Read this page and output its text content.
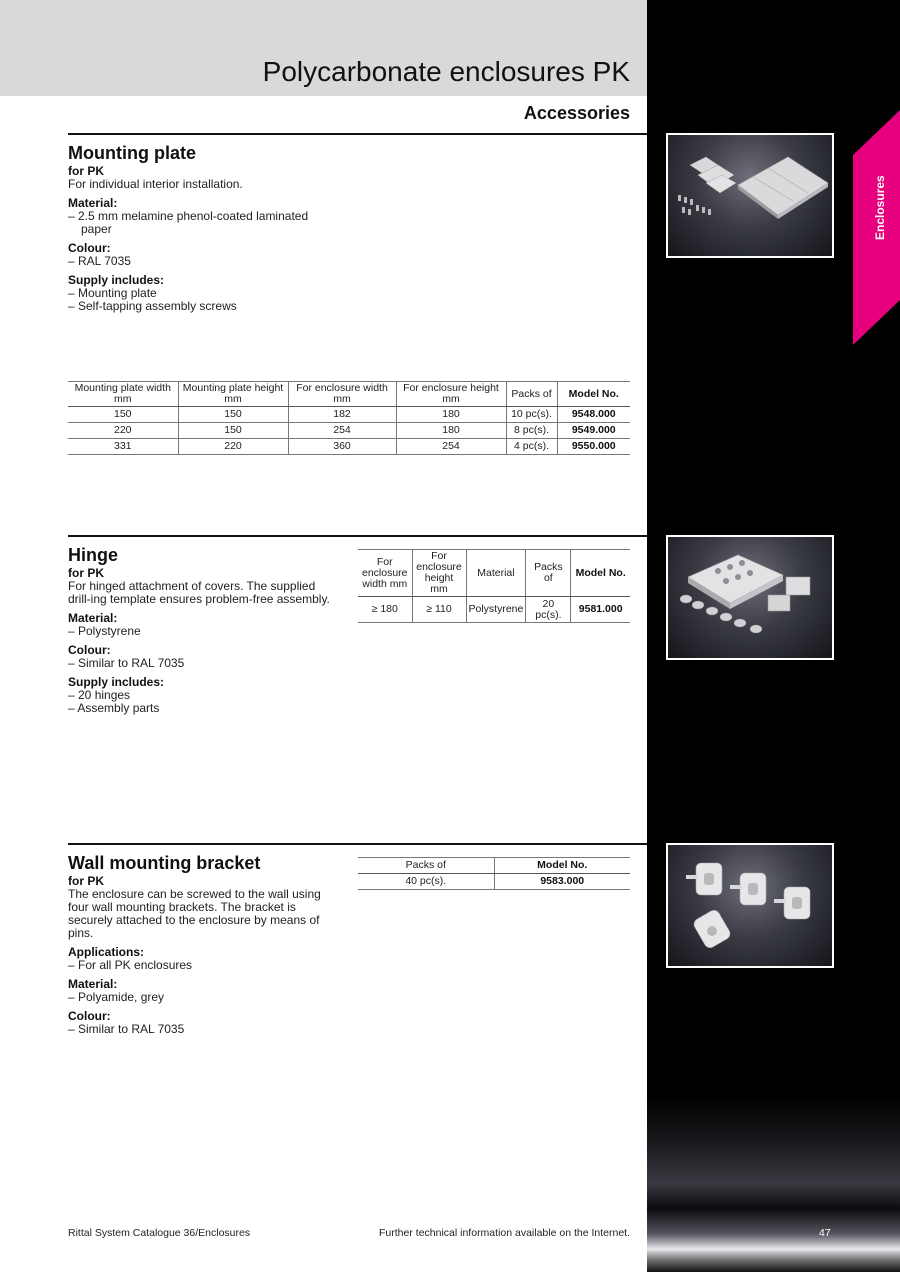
Polycarbonate enclosures PK
Accessories
Enclosures
Mounting plate
for PK
For individual interior installation.
Material:
– 2.5 mm melamine phenol-coated laminated paper
Colour:
– RAL 7035
Supply includes:
– Mounting plate
– Self-tapping assembly screws
Mounting plate width mm	Mounting plate height mm	For enclosure width mm	For enclosure height mm	Packs of	Model No.
150	150	182	180	10 pc(s).	9548.000
220	150	254	180	8 pc(s).	9549.000
331	220	360	254	4 pc(s).	9550.000
Hinge
for PK
For hinged attachment of covers. The supplied drill-ing template ensures problem-free assembly.
Material:
– Polystyrene
Colour:
– Similar to RAL 7035
Supply includes:
– 20 hinges
– Assembly parts
For enclosure width mm	For enclosure height mm	Material	Packs of	Model No.
≥ 180	≥ 110	Polystyrene	20 pc(s).	9581.000
Wall mounting bracket
for PK
The enclosure can be screwed to the wall using four wall mounting brackets. The bracket is securely attached to the enclosure by means of pins.
Applications:
– For all PK enclosures
Material:
– Polyamide, grey
Colour:
– Similar to RAL 7035
Packs of	Model No.
40 pc(s).	9583.000
Rittal System Catalogue 36/Enclosures	Further technical information available on the Internet.	47
